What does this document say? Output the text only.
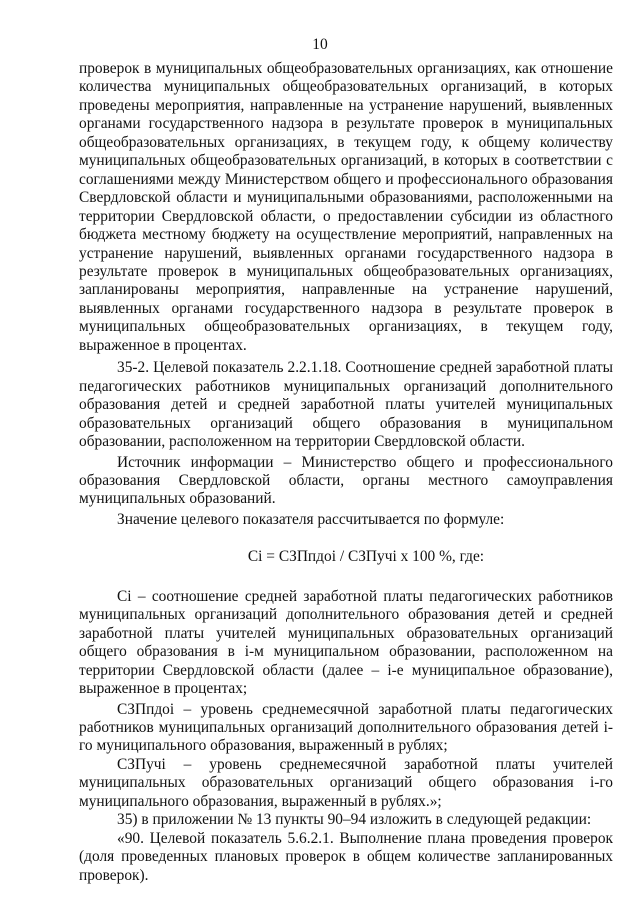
10

проверок в муниципальных общеобразовательных организациях, как отношение количества муниципальных общеобразовательных организаций, в которых проведены мероприятия, направленные на устранение нарушений, выявленных органами государственного надзора в результате проверок в муниципальных общеобразовательных организациях, в текущем году, к общему количеству муниципальных общеобразовательных организаций, в которых в соответствии с соглашениями между Министерством общего и профессионального образования Свердловской области и муниципальными образованиями, расположенными на территории Свердловской области, о предоставлении субсидии из областного бюджета местному бюджету на осуществление мероприятий, направленных на устранение нарушений, выявленных органами государственного надзора в результате проверок в муниципальных общеобразовательных организациях, запланированы мероприятия, направленные на устранение нарушений, выявленных органами государственного надзора в результате проверок в муниципальных общеобразовательных организациях, в текущем году, выраженное в процентах.

35-2. Целевой показатель 2.2.1.18. Соотношение средней заработной платы педагогических работников муниципальных организаций дополнительного образования детей и средней заработной платы учителей муниципальных образовательных организаций общего образования в муниципальном образовании, расположенном на территории Свердловской области.

Источник информации – Министерство общего и профессионального образования Свердловской области, органы местного самоуправления муниципальных образований.

Значение целевого показателя рассчитывается по формуле:

Ci = СЗПпдоi / СЗПучi x 100 %, где:

Ci – соотношение средней заработной платы педагогических работников муниципальных организаций дополнительного образования детей и средней заработной платы учителей муниципальных образовательных организаций общего образования в i-м муниципальном образовании, расположенном на территории Свердловской области (далее – i-е муниципальное образование), выраженное в процентах;

СЗПпдоi – уровень среднемесячной заработной платы педагогических работников муниципальных организаций дополнительного образования детей i-го муниципального образования, выраженный в рублях;

СЗПучi – уровень среднемесячной заработной платы учителей муниципальных образовательных организаций общего образования i-го муниципального образования, выраженный в рублях.»;

35) в приложении № 13 пункты 90–94 изложить в следующей редакции:

«90. Целевой показатель 5.6.2.1. Выполнение плана проведения проверок (доля проведенных плановых проверок в общем количестве запланированных проверок).
